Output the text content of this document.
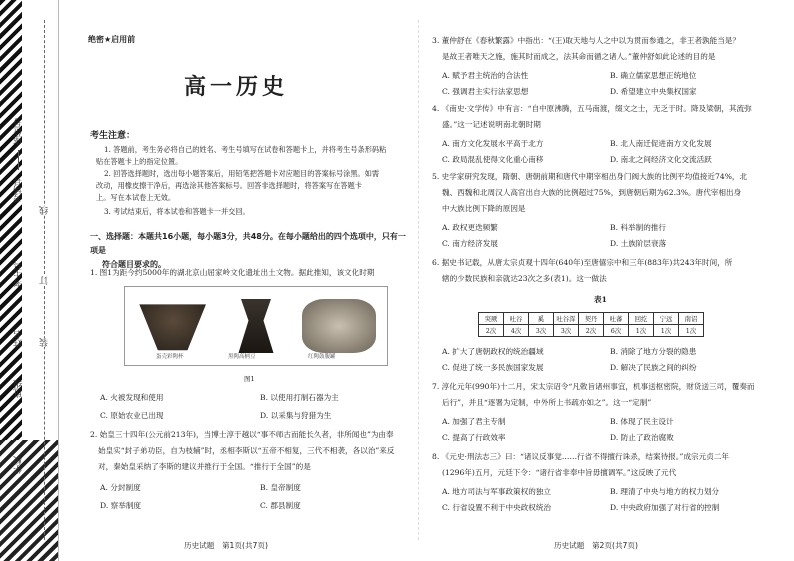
座位号
考场号
考生号
姓名
班级
学校
线
订
装
绝密★启用前
高一历史
考生注意：
1. 答题前，考生务必将自己的姓名、考生号填写在试卷和答题卡上，并将考生号条形码粘
贴在答题卡上的指定位置。
2. 回答选择题时，选出每小题答案后，用铅笔把答题卡对应题目的答案标号涂黑。如需
改动，用橡皮擦干净后，再选涂其他答案标号。回答非选择题时，将答案写在答题卡
上。写在本试卷上无效。
3. 考试结束后，将本试卷和答题卡一并交回。
一、选择题：本题共16小题，每小题3分，共48分。在每小题给出的四个选项中，只有一项是
符合题目要求的。
1. 图1为距今约5000年的湖北京山屈家岭文化遗址出土文物。据此推知，该文化时期
蛋壳彩陶杯	黑陶高柄豆	红陶鼓腹罐
图1
A. 火被发现和使用	B. 以使用打制石器为主
C. 原始农业已出现	D. 以采集与狩猎为生
2. 始皇三十四年(公元前213年)，当博士淳于越以“事不师古而能长久者，非所闻也”为由奉
始皇实“封子弟功臣，自为枝辅”时，丞相李斯以“五帝不相复，三代不相袭，各以治”来反
对，秦始皇采纳了李斯的建议并推行于全国。“推行于全国”的是
A. 分封制度	B. 皇帝制度
D. 察举制度	C. 郡县制度
历史试题　第1页(共7页)
3. 董仲舒在《春秋繁露》中指出：“(王)取天地与人之中以为贯而参通之，非王者孰能当是？
是故王者唯天之施，施其时而成之，法其命而循之诸人。”董仲舒如此论述的目的是
A. 赋予君主统治的合法性	B. 确立儒家思想正统地位
C. 强调君主实行法家思想	D. 希望建立中央集权国家
4. 《南史·文学传》中有言：“自中原沸腾，五马南渡，缀文之士，无乏于时。降及梁朝，其流弥
盛。”这一记述说明南北朝时期
A. 南方文化发展水平高于北方	B. 北人南迁促进南方文化发展
C. 政局混乱使得文化重心南移	D. 南北之间经济文化交流活跃
5. 史学家研究发现，隋朝、唐朝前期和唐代中期宰相出身门阀大族的比例平均值接近74%，北
魏、西魏和北周汉人高官出自大族的比例超过75%，到唐朝后期为62.3%。唐代宰相出身
中大族比例下降的原因是
A. 政权更迭频繁	B. 科举制的推行
C. 南方经济发展	D. 土族阶层衰落
6. 据史书记载，从唐太宗贞观十四年(640年)至唐僖宗中和三年(883年)共243年时间，所
辖的少数民族和亲就达23次之多(表1)。这一做法
A. 扩大了唐朝政权的统治疆域	B. 消除了地方分裂的隐患
C. 促进了统一多民族国家发展	D. 解决了民族之间的纠纷
7. 淳化元年(990年)十二月，宋太宗诏令“凡敕旨诸州事宜，机事送枢密院，财货送三司，覆奏而
后行”，并且“逐署为定制，中外所上书疏亦如之”。这一“定制”
A. 加强了君主专制	B. 体现了民主设计
C. 提高了行政效率	D. 防止了政治腐败
8. 《元史·刑法志三》曰：“诸议反事觉……行省不得擅行诛杀，结案待报。”成宗元贞二年
(1296年)五月，元廷下令：“诸行省非奉中旨毋擅调军。”这反映了元代
A. 地方司法与军事政策权的独立	B. 理清了中央与地方的权力划分
C. 行省设置不利于中央政权统治	D. 中央政府加强了对行省的控制
历史试题　第2页(共7页)
表1
突厥	吐谷	奚	吐谷浑	契丹	吐蕃	回纥	宁远	南诏
2次	4次	3次	3次	2次	6次	1次	1次	1次
